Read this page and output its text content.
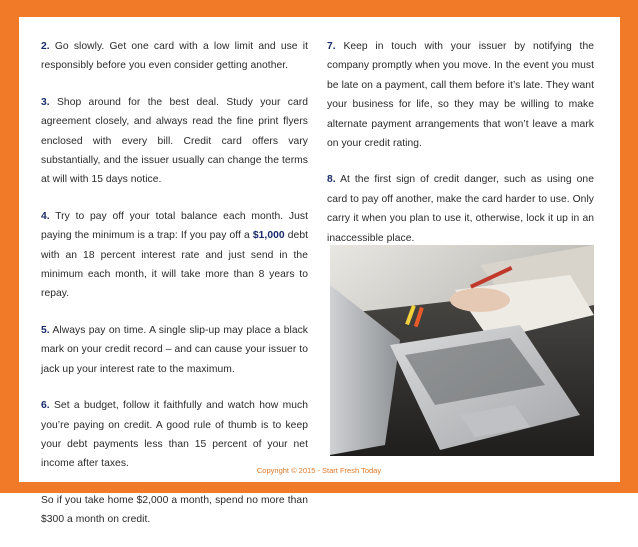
2. Go slowly. Get one card with a low limit and use it responsibly before you even consider getting another.

3. Shop around for the best deal. Study your card agreement closely, and always read the fine print flyers enclosed with every bill. Credit card offers vary substantially, and the issuer usually can change the terms at will with 15 days notice.

4. Try to pay off your total balance each month. Just paying the minimum is a trap: If you pay off a $1,000 debt with an 18 percent interest rate and just send in the minimum each month, it will take more than 8 years to repay.

5. Always pay on time. A single slip-up may place a black mark on your credit record – and can cause your issuer to jack up your interest rate to the maximum.

6. Set a budget, follow it faithfully and watch how much you’re paying on credit. A good rule of thumb is to keep your debt payments less than 15 percent of your net income after taxes.

So if you take home $2,000 a month, spend no more than $300 a month on credit.

7. Keep in touch with your issuer by notifying the company promptly when you move. In the event you must be late on a payment, call them before it’s late. They want your business for life, so they may be willing to make alternate payment arrangements that won’t leave a mark on your credit rating.

8. At the first sign of credit danger, such as using one card to pay off another, make the card harder to use. Only carry it when you plan to use it, otherwise, lock it up in an inaccessible place.

Copyright © 2015 - Start Fresh Today
